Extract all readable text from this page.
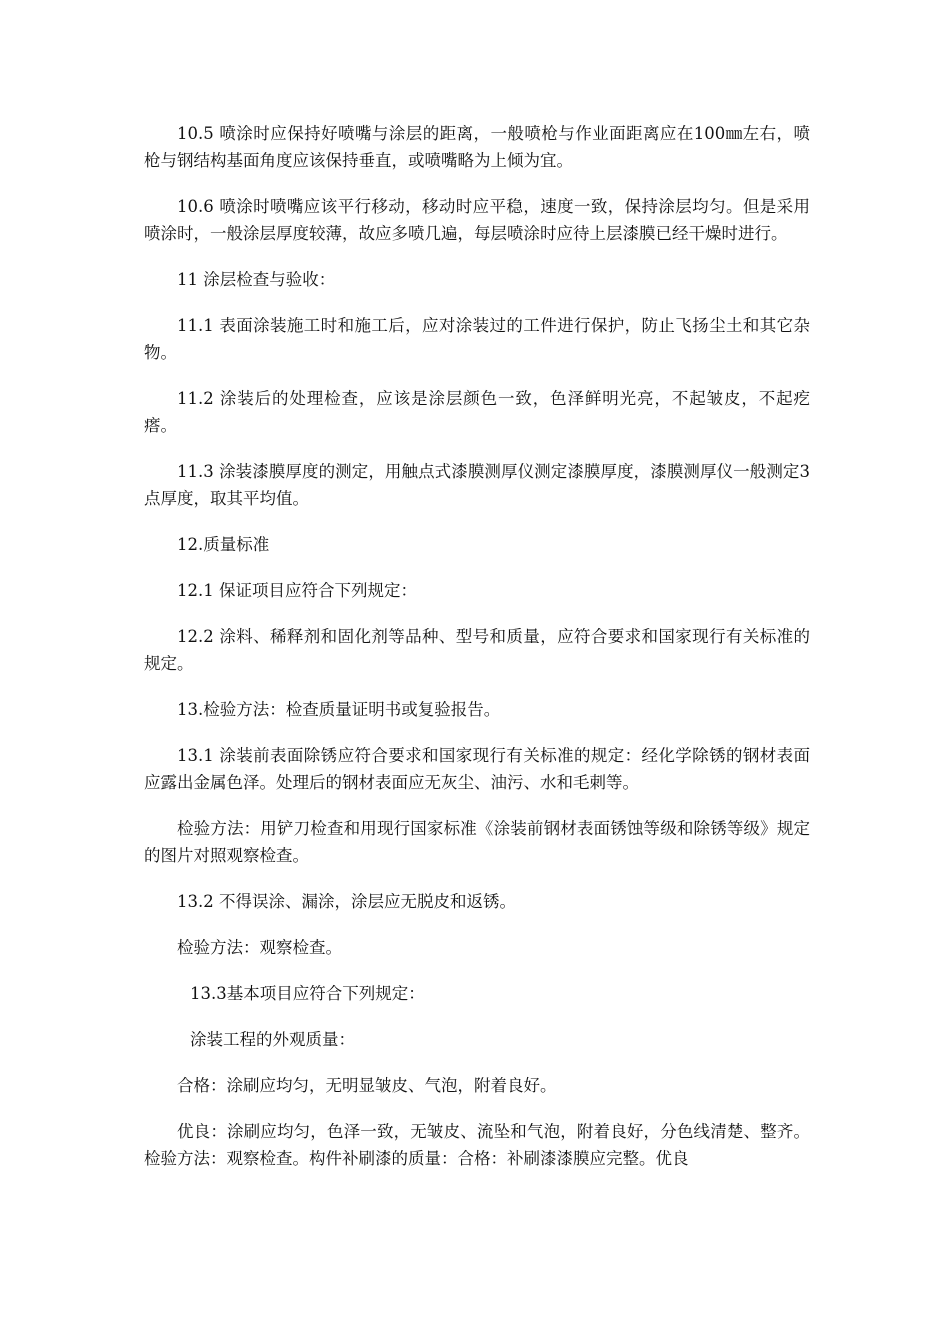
10.5 喷涂时应保持好喷嘴与涂层的距离，一般喷枪与作业面距离应在100㎜左右，喷枪与钢结构基面角度应该保持垂直，或喷嘴略为上倾为宜。

10.6 喷涂时喷嘴应该平行移动，移动时应平稳，速度一致，保持涂层均匀。但是采用喷涂时，一般涂层厚度较薄，故应多喷几遍，每层喷涂时应待上层漆膜已经干燥时进行。

11 涂层检查与验收：

11.1 表面涂装施工时和施工后，应对涂装过的工件进行保护，防止飞扬尘土和其它杂物。

11.2 涂装后的处理检查，应该是涂层颜色一致，色泽鲜明光亮，不起皱皮，不起疙瘩。

11.3 涂装漆膜厚度的测定，用触点式漆膜测厚仪测定漆膜厚度，漆膜测厚仪一般测定3点厚度，取其平均值。

12.质量标准

12.1 保证项目应符合下列规定：

12.2 涂料、稀释剂和固化剂等品种、型号和质量，应符合要求和国家现行有关标准的规定。

13.检验方法：检查质量证明书或复验报告。

13.1 涂装前表面除锈应符合要求和国家现行有关标准的规定：经化学除锈的钢材表面应露出金属色泽。处理后的钢材表面应无灰尘、油污、水和毛刺等。

检验方法：用铲刀检查和用现行国家标准《涂装前钢材表面锈蚀等级和除锈等级》规定的图片对照观察检查。

13.2 不得误涂、漏涂，涂层应无脱皮和返锈。

检验方法：观察检查。

13.3基本项目应符合下列规定：

涂装工程的外观质量：

合格：涂刷应均匀，无明显皱皮、气泡，附着良好。

优良：涂刷应均匀，色泽一致，无皱皮、流坠和气泡，附着良好，分色线清楚、整齐。检验方法：观察检查。构件补刷漆的质量：合格：补刷漆漆膜应完整。优良
